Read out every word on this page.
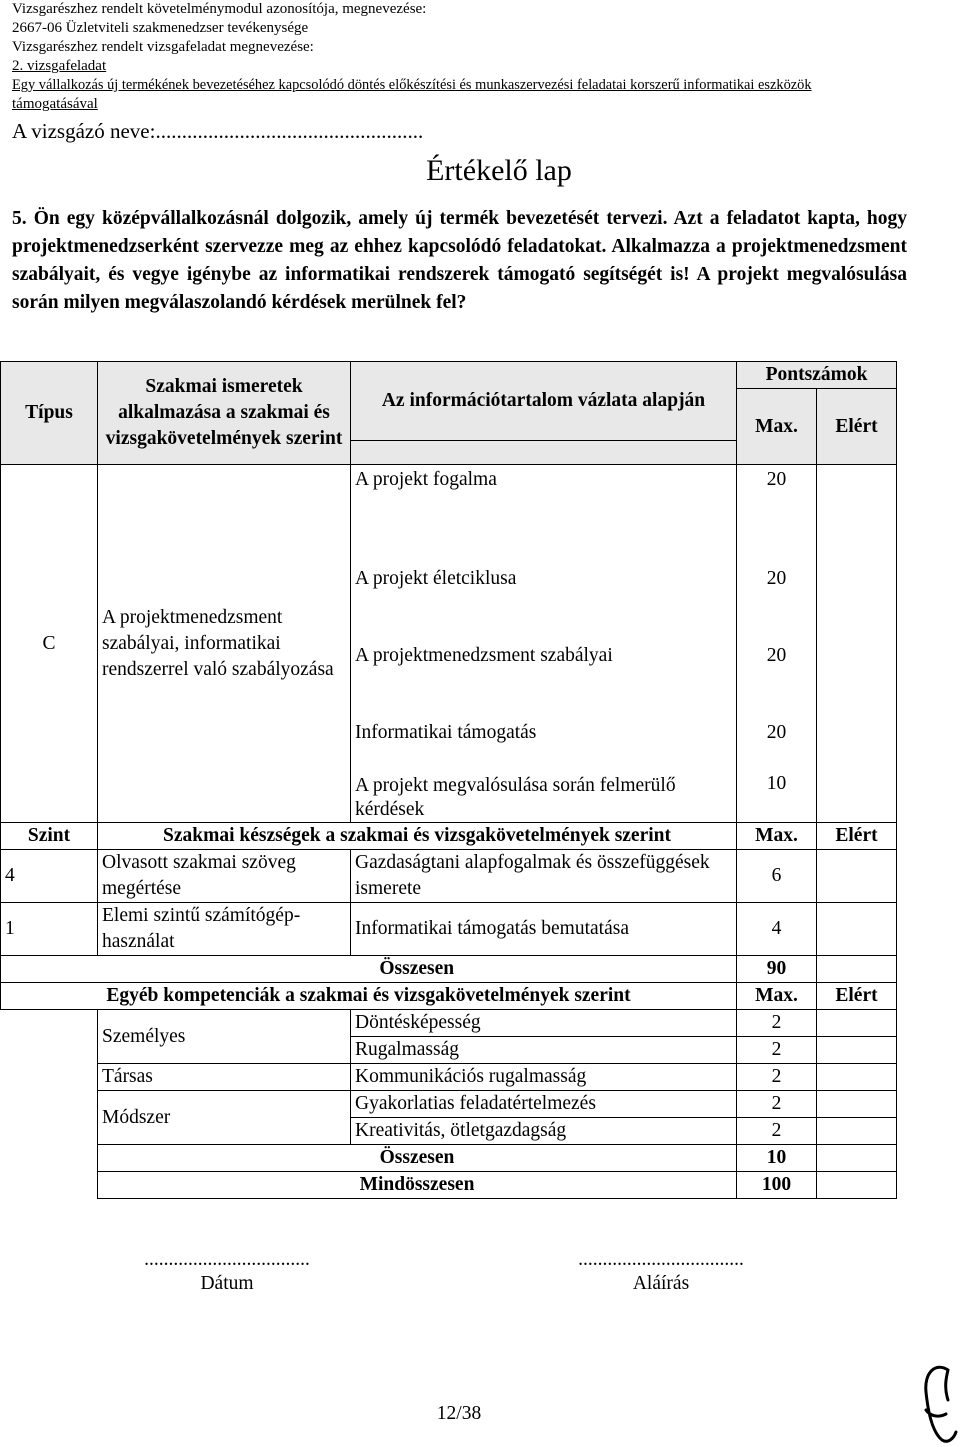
Vizsgarészhez rendelt követelménymodul azonosítója, megnevezése:
2667-06 Üzletviteli szakmenedzser tevékenysége
Vizsgarészhez rendelt vizsgafeladat megnevezése:
2. vizsgafeladat
Egy vállalkozás új termékének bevezetéséhez kapcsolódó döntés előkészítési és munkaszervezési feladatai korszerű informatikai eszközök
támogatásával
A vizsgázó neve:...................................................
Értékelő lap
5. Ön egy középvállalkozásnál dolgozik, amely új termék bevezetését tervezi. Azt a feladatot kapta, hogy projektmenedzserként szervezze meg az ehhez kapcsolódó feladatokat. Alkalmazza a projektmenedzsment szabályait, és vegye igénybe az informatikai rendszerek támogató segítségét is! A projekt megvalósulása során milyen megválaszolandó kérdések merülnek fel?
Típus	Szakmai ismeretek alkalmazása a szakmai és vizsgakövetelmények szerint	Az információtartalom vázlata alapján	Pontszámok	
			Max.	Elért

C	A projektmenedzsment szabályai, informatikai rendszerrel való szabályozása	A projekt fogalma	20	
		A projekt életciklusa	20	
		A projektmenedzsment szabályai	20	
		Informatikai támogatás	20	
		A projekt megvalósulása során felmerülő kérdések	10	
Szint	Szakmai készségek a szakmai és vizsgakövetelmények szerint		Max.	Elért
4	Olvasott szakmai szöveg megértése	Gazdaságtani alapfogalmak és összefüggések ismerete	6	
1	Elemi szintű számítógép-használat	Informatikai támogatás bemutatása	4	
	Összesen		90	
Egyéb kompetenciák a szakmai és vizsgakövetelmények szerint			Max.	Elért
	Személyes	Döntésképesség	2	
		Rugalmasság	2	
	Társas	Kommunikációs rugalmasság	2	
	Módszer	Gyakorlatias feladatértelmezés	2	
		Kreativitás, ötletgazdagság	2	
	Összesen		10	
	Mindösszesen		100	
..................................
Dátum
..................................
Aláírás
12/38
